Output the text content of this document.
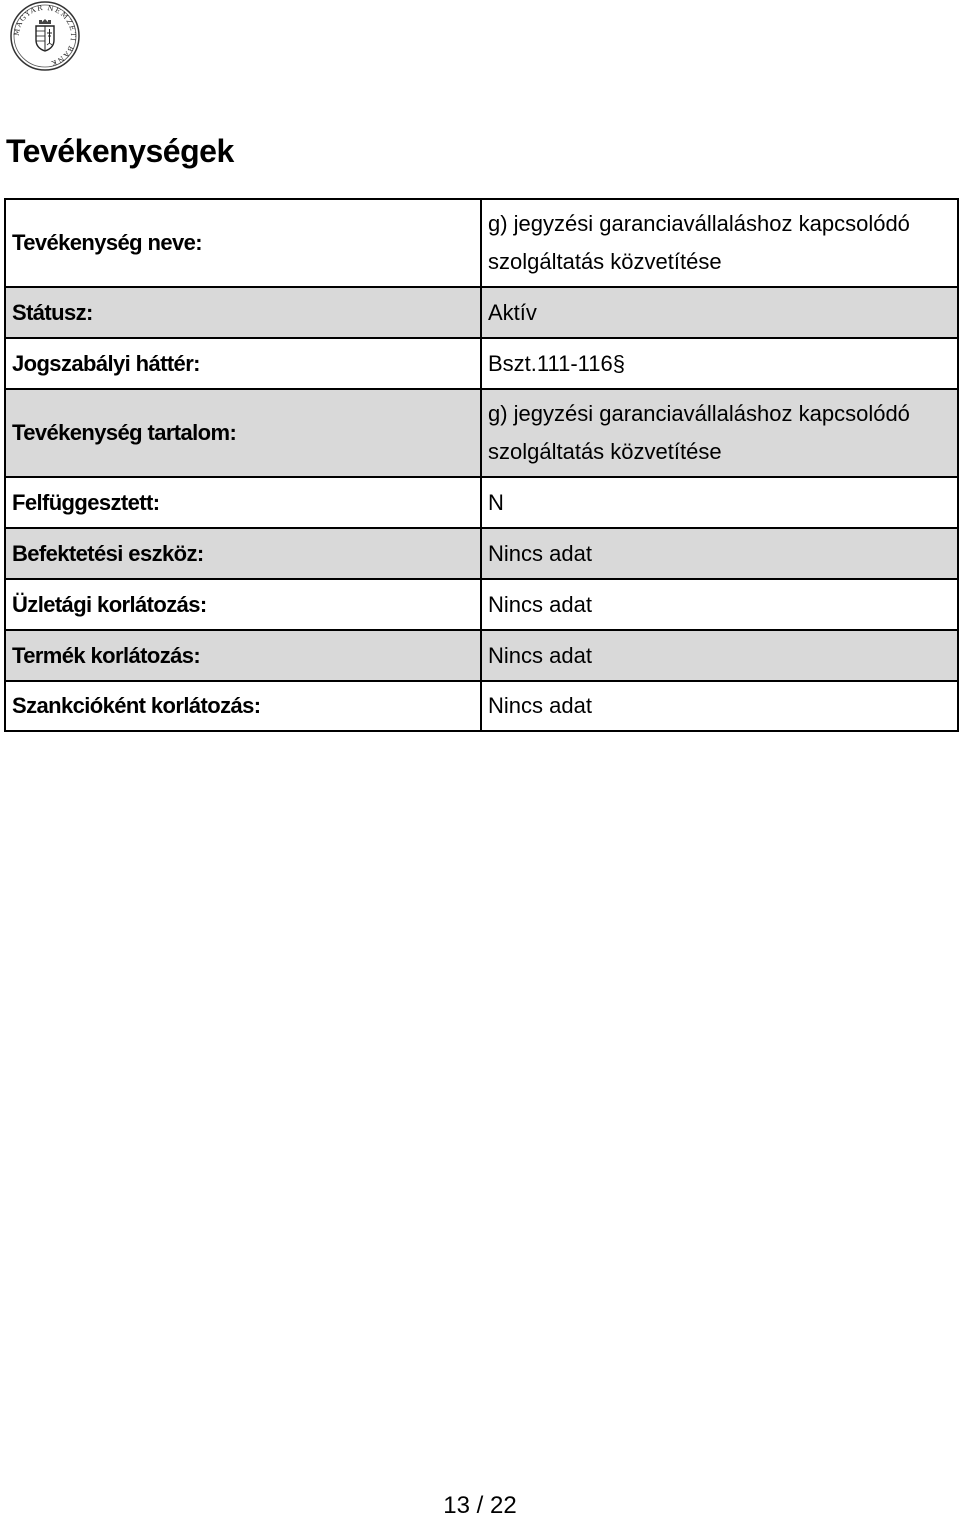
MAGYAR NEMZETI BANK
Tevékenységek
Tevékenység neve:	g) jegyzési garanciavállaláshoz kapcsolódó szolgáltatás közvetítése
Státusz:	Aktív
Jogszabályi háttér:	Bszt.111-116§
Tevékenység tartalom:	g) jegyzési garanciavállaláshoz kapcsolódó szolgáltatás közvetítése
Felfüggesztett:	N
Befektetési eszköz:	Nincs adat
Üzletági korlátozás:	Nincs adat
Termék korlátozás:	Nincs adat
Szankcióként korlátozás:	Nincs adat
13 / 22
